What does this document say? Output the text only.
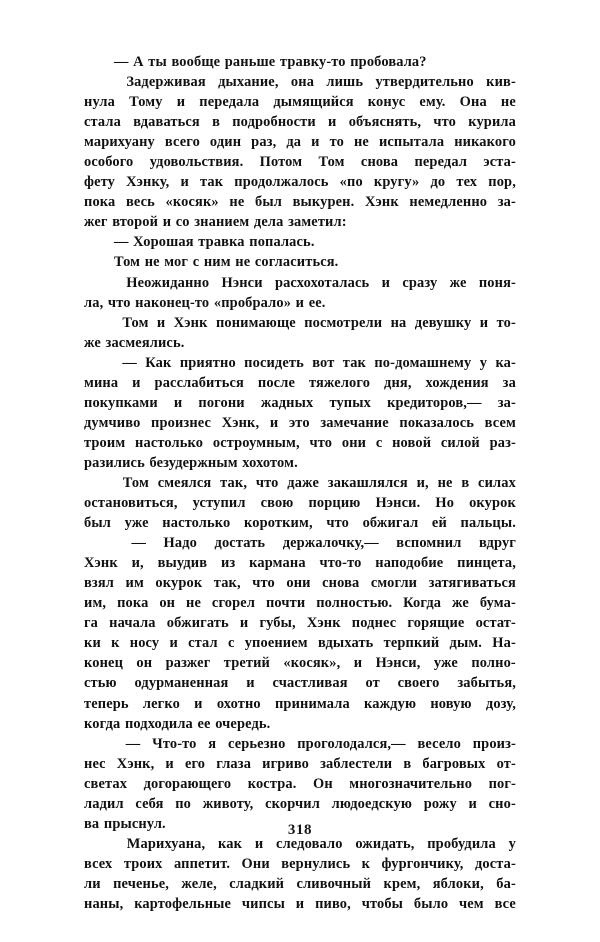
— А ты вообще раньше травку-то пробовала?
Задерживая дыхание, она лишь утвердительно кив-
нула Тому и передала дымящийся конус ему. Она не
стала вдаваться в подробности и объяснять, что курила
марихуану всего один раз, да и то не испытала никакого
особого удовольствия. Потом Том снова передал эста-
фету Хэнку, и так продолжалось «по кругу» до тех пор,
пока весь «косяк» не был выкурен. Хэнк немедленно за-
жег второй и со знанием дела заметил:
— Хорошая травка попалась.
Том не мог с ним не согласиться.
Неожиданно Нэнси расхохоталась и сразу же поня-
ла, что наконец-то «пробрало» и ее.
Том и Хэнк понимающе посмотрели на девушку и то-
же засмеялись.
— Как приятно посидеть вот так по-домашнему у ка-
мина и расслабиться после тяжелого дня, хождения за
покупками и погони жадных тупых кредиторов,— за-
думчиво произнес Хэнк, и это замечание показалось всем
троим настолько остроумным, что они с новой силой раз-
разились безудержным хохотом.
Том смеялся так, что даже закашлялся и, не в силах
остановиться, уступил свою порцию Нэнси. Но окурок
был уже настолько коротким, что обжигал ей пальцы.
— Надо достать держалочку,— вспомнил вдруг
Хэнк и, выудив из кармана что-то наподобие пинцета,
взял им окурок так, что они снова смогли затягиваться
им, пока он не сгорел почти полностью. Когда же бума-
га начала обжигать и губы, Хэнк поднес горящие остат-
ки к носу и стал с упоением вдыхать терпкий дым. На-
конец он разжег третий «косяк», и Нэнси, уже полно-
стью одурманенная и счастливая от своего забытья,
теперь легко и охотно принимала каждую новую дозу,
когда подходила ее очередь.
— Что-то я серьезно проголодался,— весело произ-
нес Хэнк, и его глаза игриво заблестели в багровых от-
светах догорающего костра. Он многозначительно пог-
ладил себя по животу, скорчил людоедскую рожу и сно-
ва прыснул.
Марихуана, как и следовало ожидать, пробудила у
всех троих аппетит. Они вернулись к фургончику, доста-
ли печенье, желе, сладкий сливочный крем, яблоки, ба-
наны, картофельные чипсы и пиво, чтобы было чем все
318
